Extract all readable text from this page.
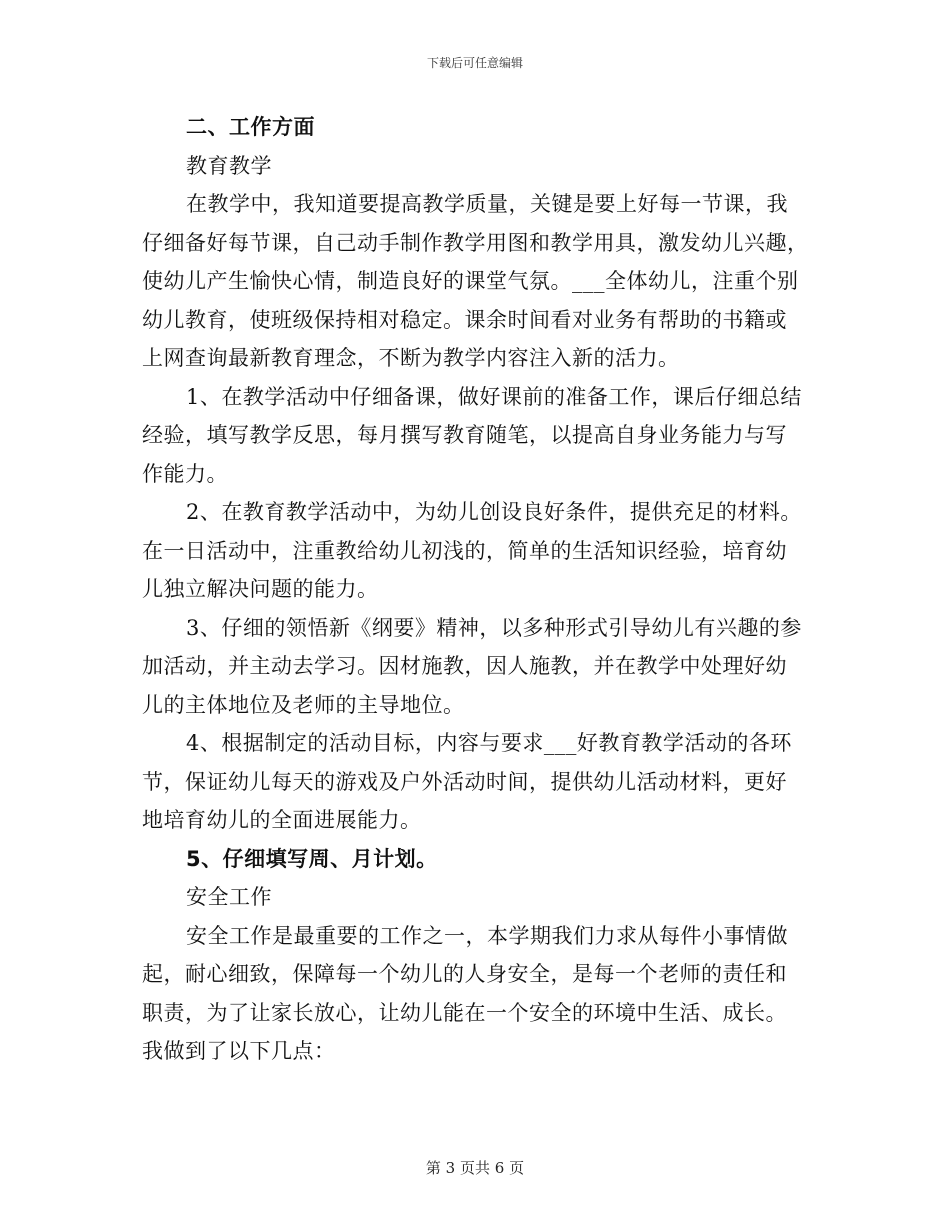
下载后可任意编辑
二、工作方面
教育教学
在教学中，我知道要提高教学质量，关键是要上好每一节课，我
仔细备好每节课，自己动手制作教学用图和教学用具，激发幼儿兴趣，
使幼儿产生愉快心情，制造良好的课堂气氛。___全体幼儿，注重个别
幼儿教育，使班级保持相对稳定。课余时间看对业务有帮助的书籍或
上网查询最新教育理念，不断为教学内容注入新的活力。
1、在教学活动中仔细备课，做好课前的准备工作，课后仔细总结
经验，填写教学反思，每月撰写教育随笔，以提高自身业务能力与写
作能力。
2、在教育教学活动中，为幼儿创设良好条件，提供充足的材料。
在一日活动中，注重教给幼儿初浅的，简单的生活知识经验，培育幼
儿独立解决问题的能力。
3、仔细的领悟新《纲要》精神，以多种形式引导幼儿有兴趣的参
加活动，并主动去学习。因材施教，因人施教，并在教学中处理好幼
儿的主体地位及老师的主导地位。
4、根据制定的活动目标，内容与要求___好教育教学活动的各环
节，保证幼儿每天的游戏及户外活动时间，提供幼儿活动材料，更好
地培育幼儿的全面进展能力。
5、仔细填写周、月计划。
安全工作
安全工作是最重要的工作之一，本学期我们力求从每件小事情做
起，耐心细致，保障每一个幼儿的人身安全，是每一个老师的责任和
职责，为了让家长放心，让幼儿能在一个安全的环境中生活、成长。
我做到了以下几点：
第 3 页共 6 页
